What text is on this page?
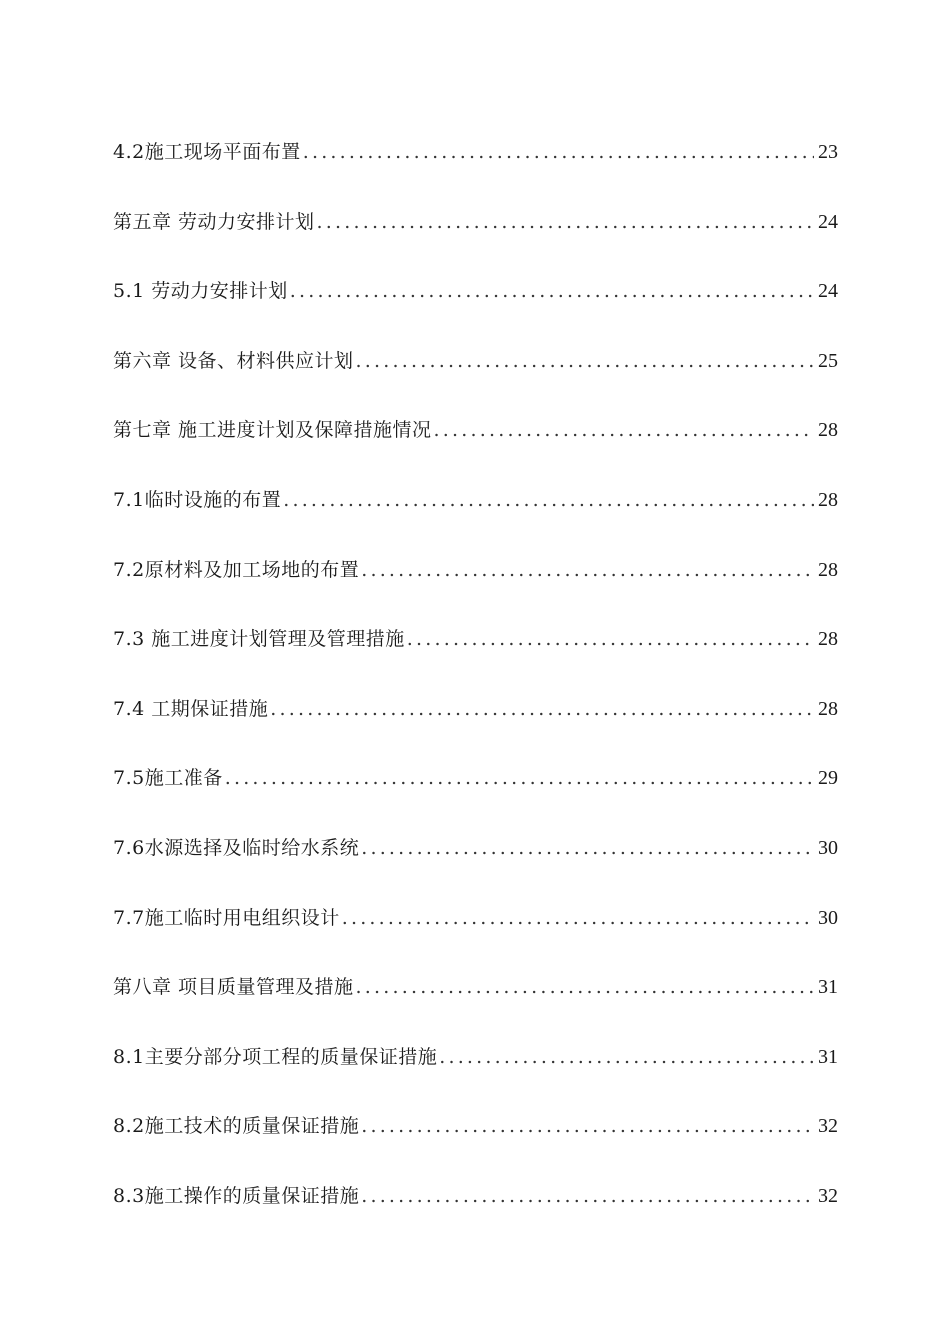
4.2施工现场平面布置 .....	23
第五章 劳动力安排计划 .....	24
5.1 劳动力安排计划 .....	24
第六章 设备、材料供应计划 .....	25
第七章 施工进度计划及保障措施情况 .....	28
7.1临时设施的布置 .....	28
7.2原材料及加工场地的布置 .....	28
7.3 施工进度计划管理及管理措施 .....	28
7.4 工期保证措施 .....	28
7.5施工准备 .....	29
7.6水源选择及临时给水系统 .....	30
7.7施工临时用电组织设计 .....	30
第八章 项目质量管理及措施 .....	31
8.1主要分部分项工程的质量保证措施 .....	31
8.2施工技术的质量保证措施 .....	32
8.3施工操作的质量保证措施 .....	32
